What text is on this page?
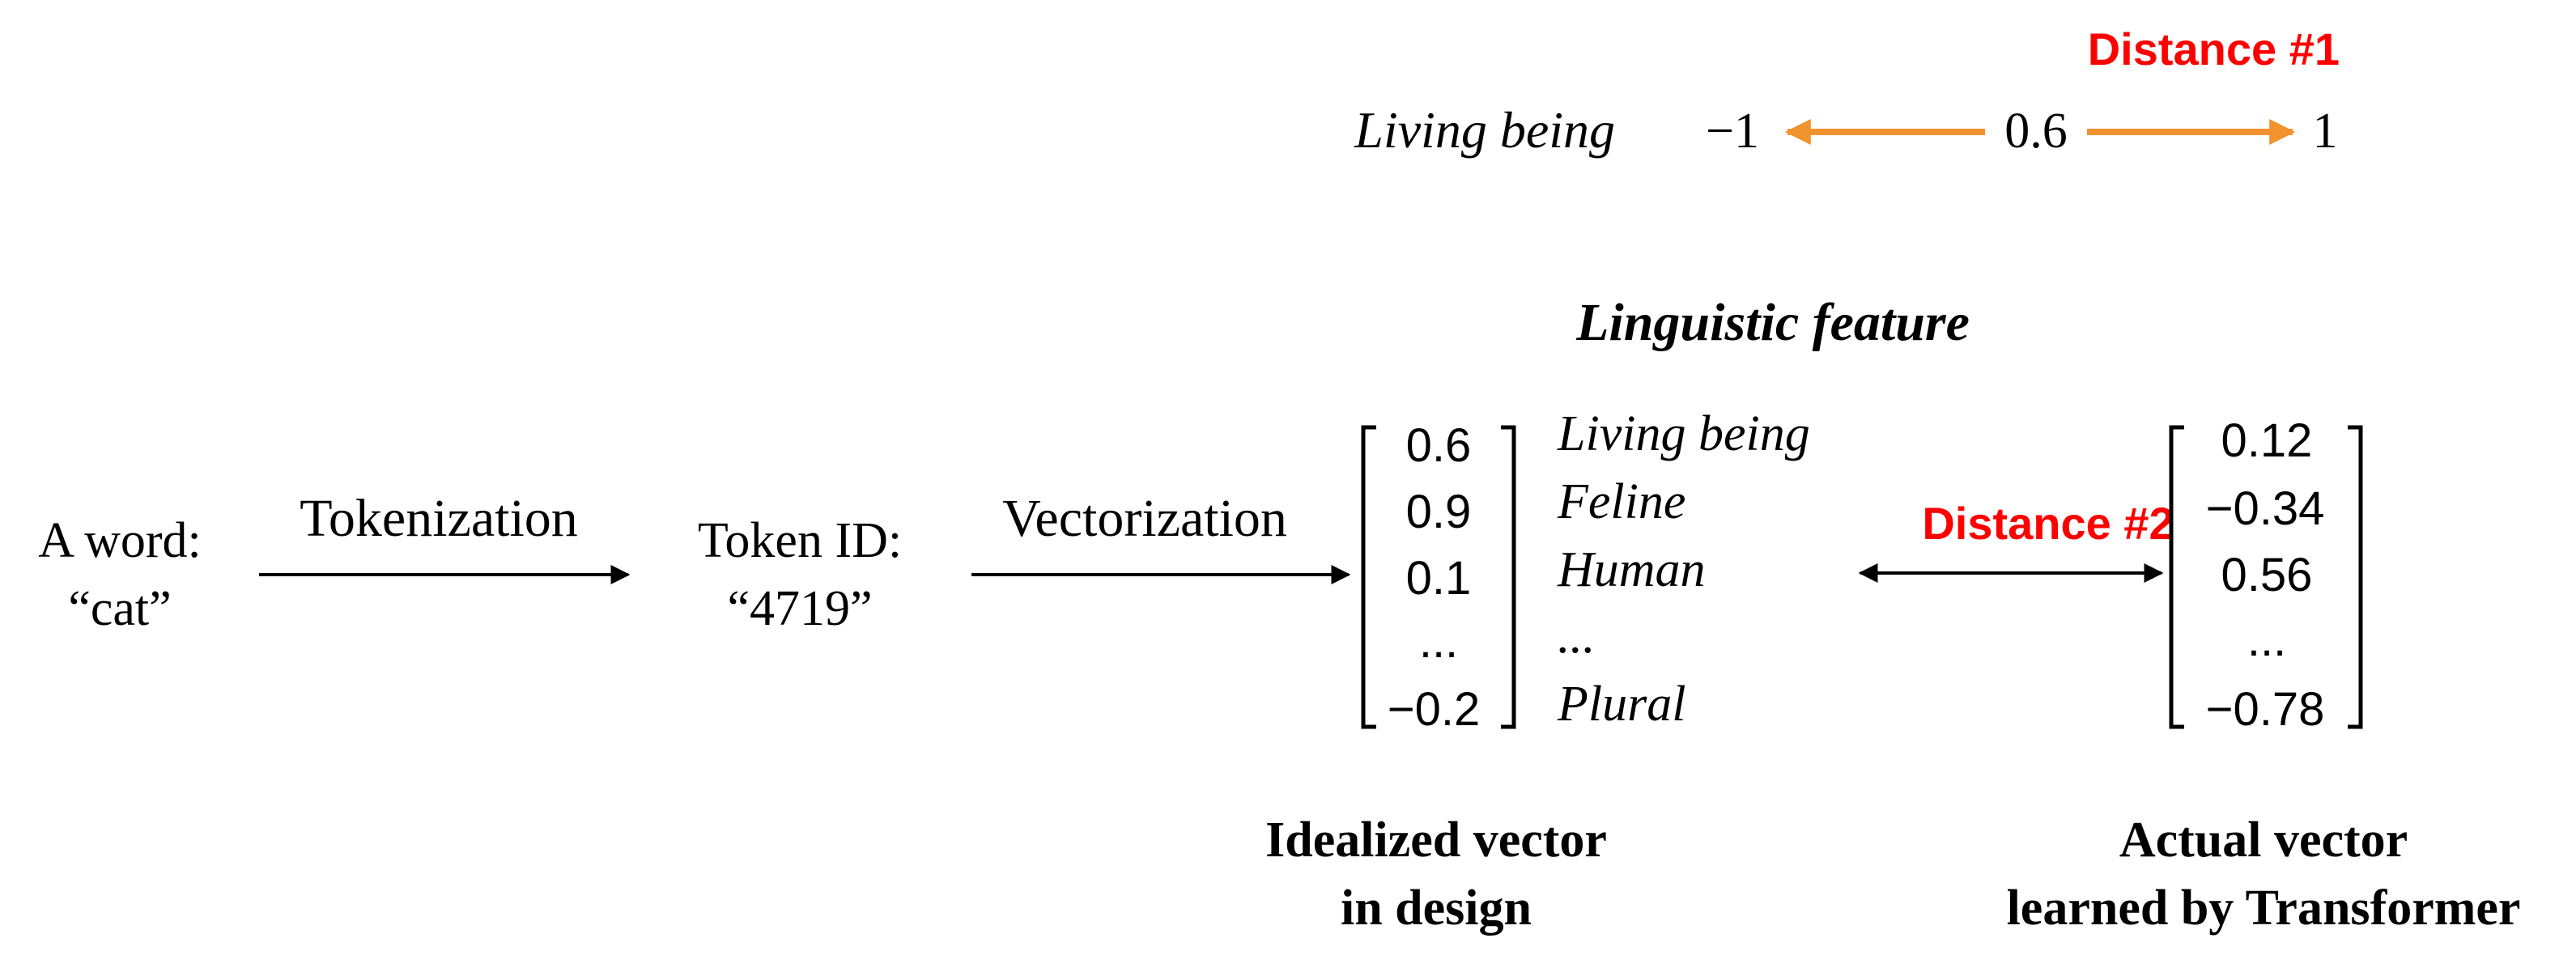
Distance #1
Living being −1	0.6	1
Linguistic feature
A word:
“cat”
Tokenization Token ID:
“4719”
Vectorization
0.6
0.9
0.1
...
−0.2
Living being
Feline
Human
...
Plural
Distance #2
0.12
−0.34
0.56
...
−0.78
Idealized vector
in design
Actual vector
learned by Transformer
